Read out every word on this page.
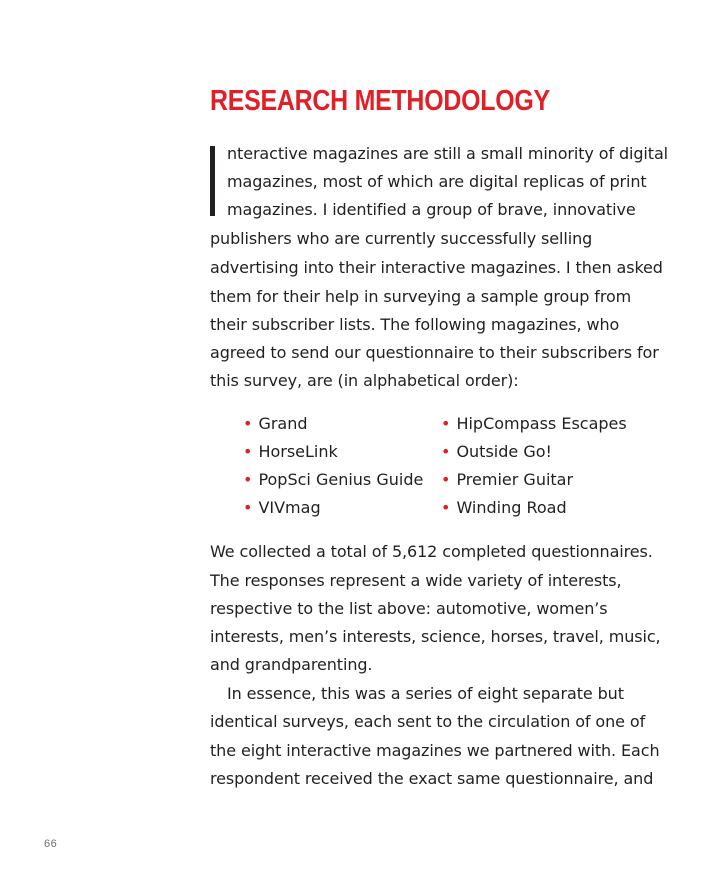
RESEARCH METHODOLOGY

nteractive magazines are still a small minority of digital

magazines, most of which are digital replicas of print

magazines. I identified a group of brave, innovative

publishers who are currently successfully selling

advertising into their interactive magazines. I then asked

them for their help in surveying a sample group from

their subscriber lists. The following magazines, who

agreed to send our questionnaire to their subscribers for

this survey, are (in alphabetical order):

• Grand	• HipCompass Escapes
• HorseLink	• Outside Go!
• PopSci Genius Guide • Premier Guitar
• VIVmag	• Winding Road

We collected a total of 5,612 completed questionnaires.

The responses represent a wide variety of interests,

respective to the list above: automotive, women’s

interests, men’s interests, science, horses, travel, music,

and grandparenting.

In essence, this was a series of eight separate but

identical surveys, each sent to the circulation of one of

the eight interactive magazines we partnered with. Each

respondent received the exact same questionnaire, and

66
